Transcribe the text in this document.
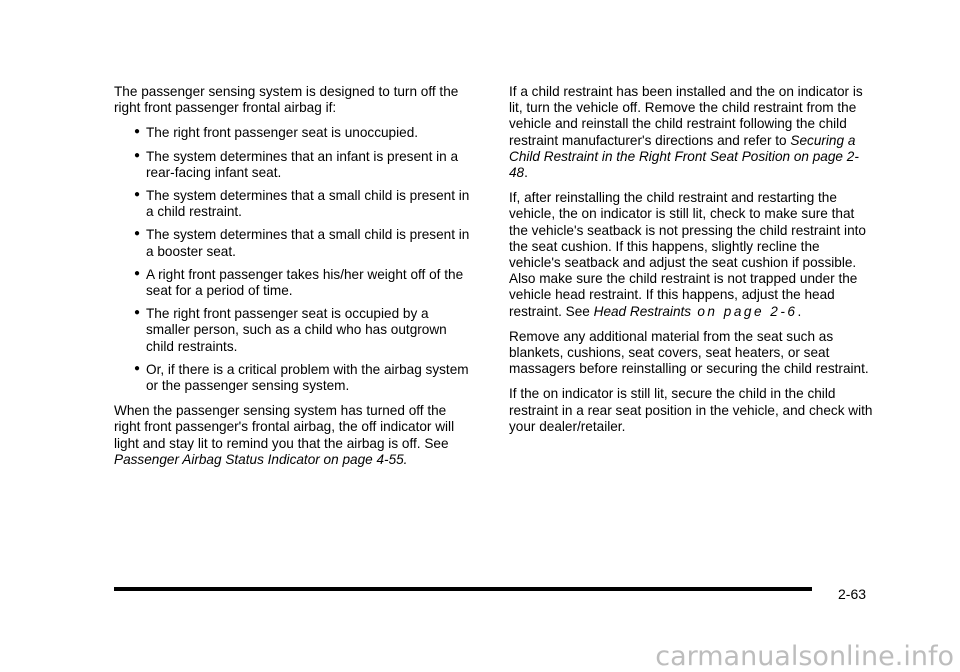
The passenger sensing system is designed to turn off the right front passenger frontal airbag if:

● The right front passenger seat is unoccupied.
● The system determines that an infant is present in a rear-facing infant seat.
● The system determines that a small child is present in a child restraint.
● The system determines that a small child is present in a booster seat.
● A right front passenger takes his/her weight off of the seat for a period of time.
● The right front passenger seat is occupied by a smaller person, such as a child who has outgrown child restraints.
● Or, if there is a critical problem with the airbag system or the passenger sensing system.

When the passenger sensing system has turned off the right front passenger's frontal airbag, the off indicator will light and stay lit to remind you that the airbag is off. See Passenger Airbag Status Indicator on page 4-55.

If a child restraint has been installed and the on indicator is lit, turn the vehicle off. Remove the child restraint from the vehicle and reinstall the child restraint following the child restraint manufacturer's directions and refer to Securing a Child Restraint in the Right Front Seat Position on page 2-48.

If, after reinstalling the child restraint and restarting the vehicle, the on indicator is still lit, check to make sure that the vehicle's seatback is not pressing the child restraint into the seat cushion. If this happens, slightly recline the vehicle's seatback and adjust the seat cushion if possible. Also make sure the child restraint is not trapped under the vehicle head restraint. If this happens, adjust the head restraint. See Head Restraints on page 2-6.

Remove any additional material from the seat such as blankets, cushions, seat covers, seat heaters, or seat massagers before reinstalling or securing the child restraint.

If the on indicator is still lit, secure the child in the child restraint in a rear seat position in the vehicle, and check with your dealer/retailer.

2-63
carmanualsonline.info
